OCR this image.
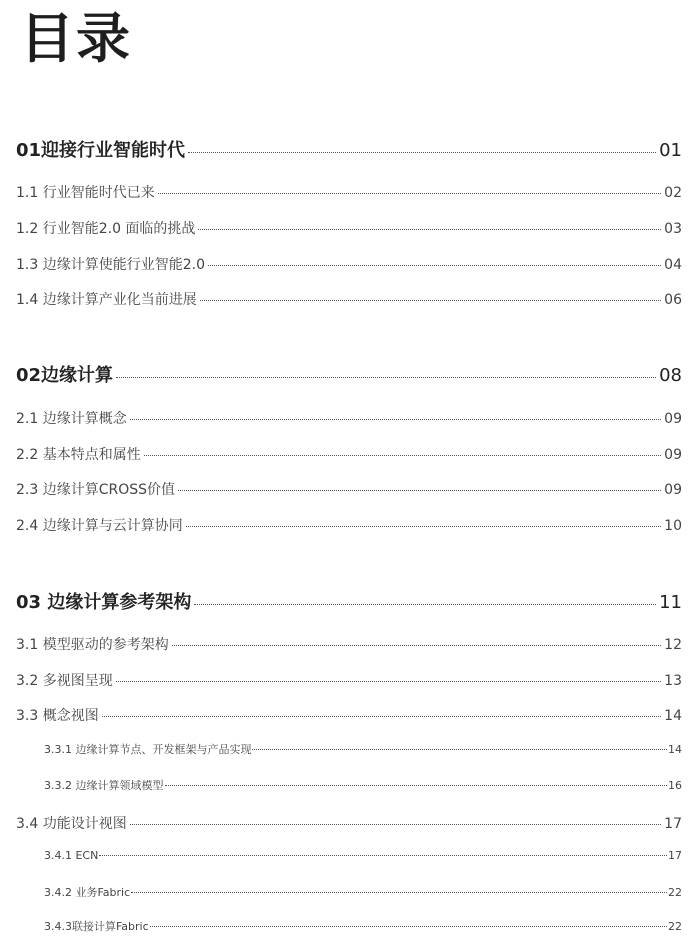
目录
01迎接行业智能时代	01
1.1 行业智能时代已来	02
1.2 行业智能2.0 面临的挑战	03
1.3 边缘计算使能行业智能2.0	04
1.4 边缘计算产业化当前进展	06
02边缘计算	08
2.1 边缘计算概念	09
2.2 基本特点和属性	09
2.3 边缘计算CROSS价值	09
2.4 边缘计算与云计算协同	10
03 边缘计算参考架构	11
3.1 模型驱动的参考架构	12
3.2 多视图呈现	13
3.3 概念视图	14
3.3.1 边缘计算节点、开发框架与产品实现	14
3.3.2 边缘计算领域模型	16
3.4 功能设计视图	17
3.4.1 ECN	17
3.4.2 业务Fabric	22
3.4.3联接计算Fabric	22
